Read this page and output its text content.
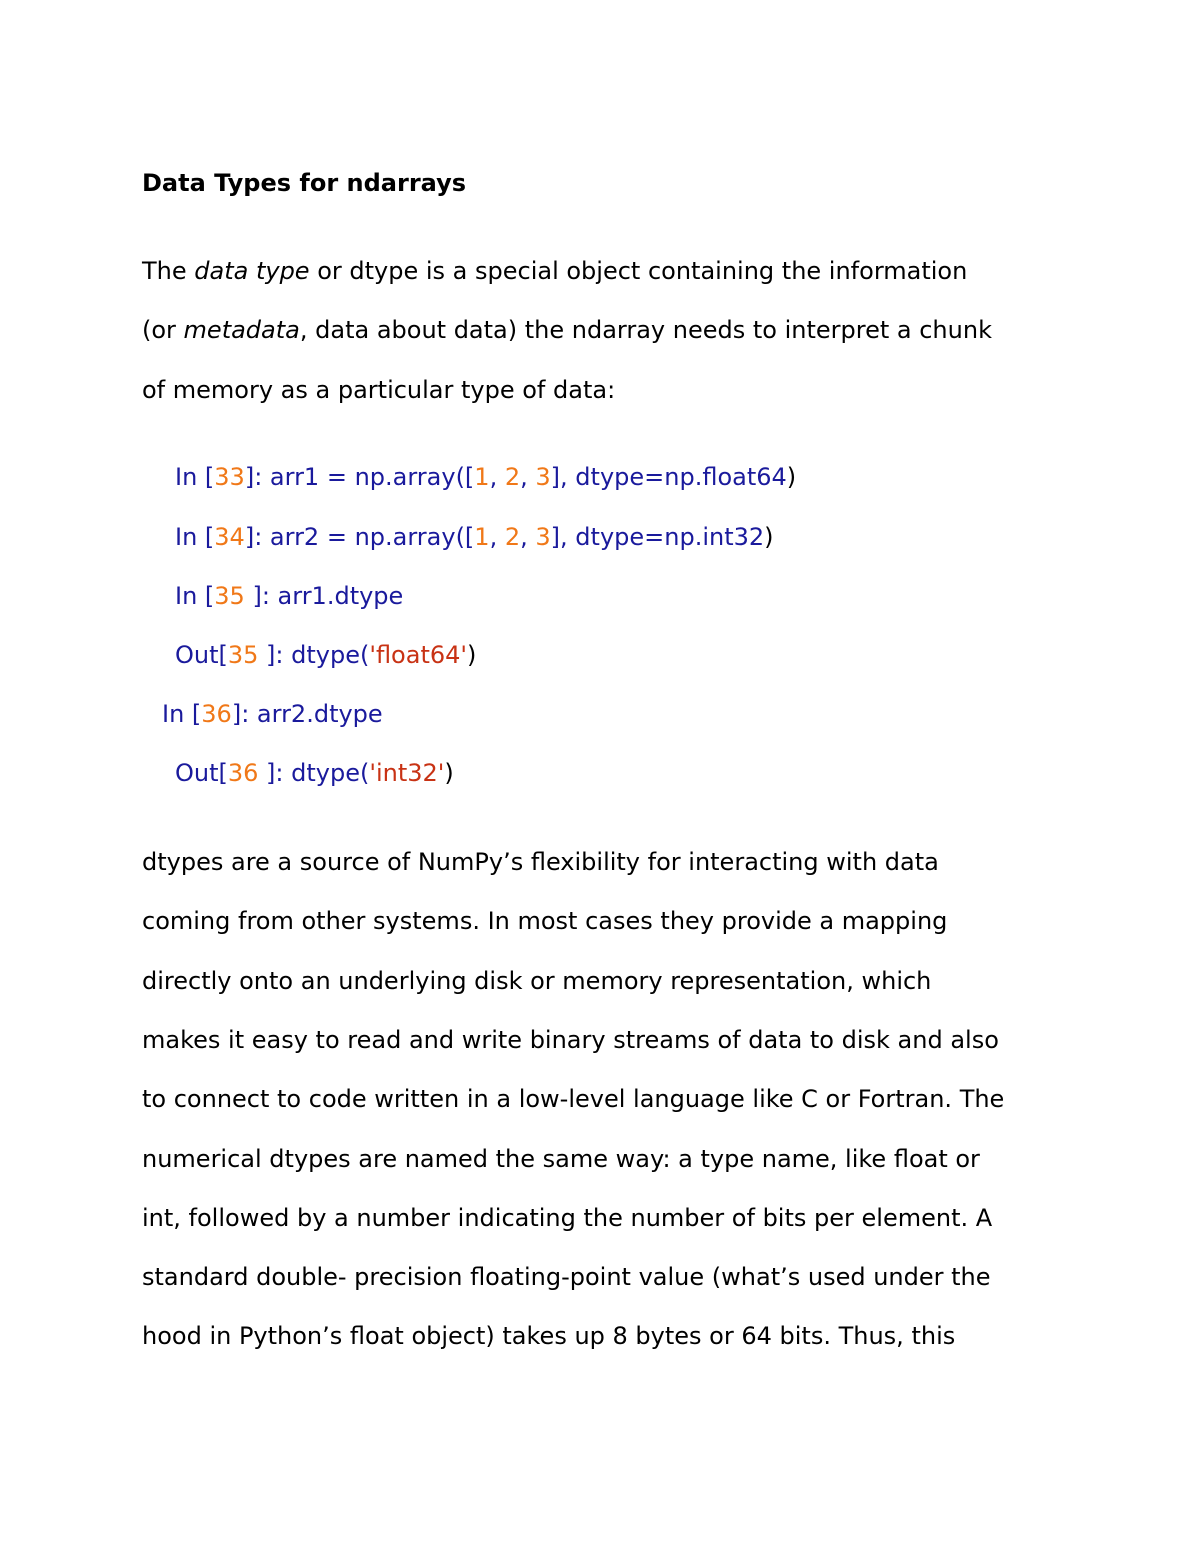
Data Types for ndarrays
The data type or dtype is a special object containing the information
(or metadata, data about data) the ndarray needs to interpret a chunk
of memory as a particular type of data:
In [33]: arr1 = np.array([1, 2, 3], dtype=np.float64)
In [34]: arr2 = np.array([1, 2, 3], dtype=np.int32)
In [35 ]: arr1.dtype
Out[35 ]: dtype('float64')
In [36]: arr2.dtype
Out[36 ]: dtype('int32')
dtypes are a source of NumPy’s flexibility for interacting with data
coming from other systems. In most cases they provide a mapping
directly onto an underlying disk or memory representation, which
makes it easy to read and write binary streams of data to disk and also
to connect to code written in a low-level language like C or Fortran. The
numerical dtypes are named the same way: a type name, like float or
int, followed by a number indicating the number of bits per element. A
standard double- precision floating-point value (what’s used under the
hood in Python’s float object) takes up 8 bytes or 64 bits. Thus, this
